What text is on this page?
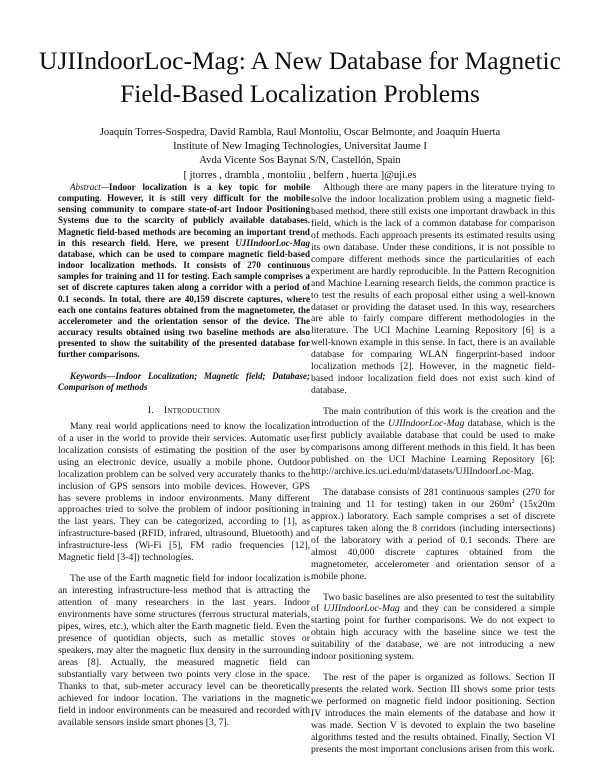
UJIIndoorLoc-Mag: A New Database for Magnetic
Field-Based Localization Problems
Joaquín Torres-Sospedra, David Rambla, Raul Montoliu, Oscar Belmonte, and Joaquín Huerta
Institute of New Imaging Technologies, Universitat Jaume I
Avda Vicente Sos Baynat S/N, Castellón, Spain
[ jtorres , drambla , montoliu , belfern , huerta ]@uji.es

Abstract—Indoor localization is a key topic for mobile computing. However, it is still very difficult for the mobile sensing community to compare state-of-art Indoor Positioning Systems due to the scarcity of publicly available databases. Magnetic field-based methods are becoming an important trend in this research field. Here, we present UJIIndoorLoc-Mag database, which can be used to compare magnetic field-based indoor localization methods. It consists of 270 continuous samples for training and 11 for testing. Each sample comprises a set of discrete captures taken along a corridor with a period of 0.1 seconds. In total, there are 40,159 discrete captures, where each one contains features obtained from the magnetometer, the accelerometer and the orientation sensor of the device. The accuracy results obtained using two baseline methods are also presented to show the suitability of the presented database for further comparisons.

Keywords—Indoor Localization; Magnetic field; Database; Comparison of methods

I. Introduction

Many real world applications need to know the localization of a user in the world to provide their services. Automatic user localization consists of estimating the position of the user by using an electronic device, usually a mobile phone. Outdoor localization problem can be solved very accurately thanks to the inclusion of GPS sensors into mobile devices. However, GPS has severe problems in indoor environments. Many different approaches tried to solve the problem of indoor positioning in the last years. They can be categorized, according to [1], as infrastructure-based (RFID, infrared, ultrasound, Bluetooth) and infrastructure-less (Wi-Fi [5], FM radio frequencies [12], Magnetic field [3-4]) technologies.

The use of the Earth magnetic field for indoor localization is an interesting infrastructure-less method that is attracting the attention of many researchers in the last years. Indoor environments have some structures (ferrous structural materials, pipes, wires, etc.), which alter the Earth magnetic field. Even the presence of quotidian objects, such as metallic stoves or speakers, may alter the magnetic flux density in the surrounding areas [8]. Actually, the measured magnetic field can substantially vary between two points very close in the space. Thanks to that, sub-meter accuracy level can be theoretically achieved for indoor location. The variations in the magnetic field in indoor environments can be measured and recorded with available sensors inside smart phones [3, 7].

Although there are many papers in the literature trying to solve the indoor localization problem using a magnetic field-based method, there still exists one important drawback in this field, which is the lack of a common database for comparison of methods. Each approach presents its estimated results using its own database. Under these conditions, it is not possible to compare different methods since the particularities of each experiment are hardly reproducible. In the Pattern Recognition and Machine Learning research fields, the common practice is to test the results of each proposal either using a well-known dataset or providing the dataset used. In this way, researchers are able to fairly compare different methodologies in the literature. The UCI Machine Learning Repository [6] is a well-known example in this sense. In fact, there is an available database for comparing WLAN fingerprint-based indoor localization methods [2]. However, in the magnetic field-based indoor localization field does not exist such kind of database.

The main contribution of this work is the creation and the introduction of the UJIIndoorLoc-Mag database, which is the first publicly available database that could be used to make comparisons among different methods in this field. It has been published on the UCI Machine Learning Repository [6]: http://archive.ics.uci.edu/ml/datasets/UJIIndoorLoc-Mag.

The database consists of 281 continuous samples (270 for training and 11 for testing) taken in our $260m^2$ (15x20m approx.) laboratory. Each sample comprises a set of discrete captures taken along the 8 corridors (including intersections) of the laboratory with a period of 0.1 seconds. There are almost 40,000 discrete captures obtained from the magnetometer, accelerometer and orientation sensor of a mobile phone.

Two basic baselines are also presented to test the suitability of UJIIndoorLoc-Mag and they can be considered a simple starting point for further comparisons. We do not expect to obtain high accuracy with the baseline since we test the suitability of the database, we are not introducing a new indoor positioning system.

The rest of the paper is organized as follows. Section II presents the related work. Section III shows some prior tests we performed on magnetic field indoor positioning. Section IV introduces the main elements of the database and how it was made. Section V is devoted to explain the two baseline algorithms tested and the results obtained. Finally, Section VI presents the most important conclusions arisen from this work.
